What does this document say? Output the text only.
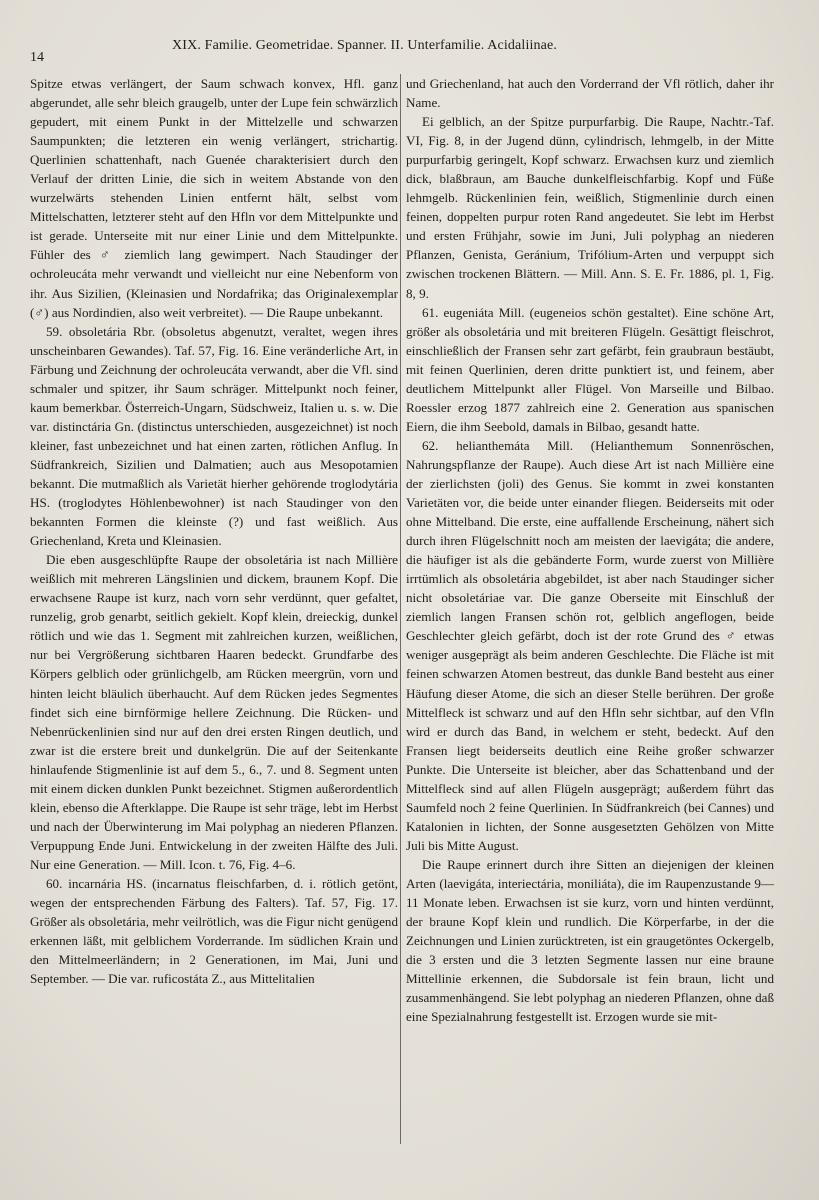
14
XIX. Familie. Geometridae. Spanner. II. Unterfamilie. Acidaliinae.

Spitze etwas verlängert, der Saum schwach konvex, Hfl. ganz abgerundet, alle sehr bleich graugelb, unter der Lupe fein schwärzlich gepudert, mit einem Punkt in der Mittelzelle und schwarzen Saumpunkten; die letzteren ein wenig verlängert, strichartig. Querlinien schattenhaft, nach Guenée charakterisiert durch den Verlauf der dritten Linie, die sich in weitem Abstande von den wurzelwärts stehenden Linien entfernt hält, selbst vom Mittelschatten, letzterer steht auf den Hfln vor dem Mittelpunkte und ist gerade. Unterseite mit nur einer Linie und dem Mittelpunkte. Fühler des ♂ ziemlich lang gewimpert. Nach Staudinger der ochroleucáta mehr verwandt und vielleicht nur eine Nebenform von ihr. Aus Sizilien, (Kleinasien und Nordafrika; das Originalexemplar (♂) aus Nordindien, also weit verbreitet). — Die Raupe unbekannt.

59. obsoletária Rbr. (obsoletus abgenutzt, veraltet, wegen ihres unscheinbaren Gewandes). Taf. 57, Fig. 16. Eine veränderliche Art, in Färbung und Zeichnung der ochroleucáta verwandt, aber die Vfl. sind schmaler und spitzer, ihr Saum schräger. Mittelpunkt noch feiner, kaum bemerkbar. Österreich-Ungarn, Südschweiz, Italien u. s. w. Die var. distinctária Gn. (distinctus unterschieden, ausgezeichnet) ist noch kleiner, fast unbezeichnet und hat einen zarten, rötlichen Anflug. In Südfrankreich, Sizilien und Dalmatien; auch aus Mesopotamien bekannt. Die mutmaßlich als Varietät hierher gehörende troglodytária HS. (troglodytes Höhlenbewohner) ist nach Staudinger von den bekannten Formen die kleinste (?) und fast weißlich. Aus Griechenland, Kreta und Kleinasien.

Die eben ausgeschlüpfte Raupe der obsoletária ist nach Millière weißlich mit mehreren Längslinien und dickem, braunem Kopf. Die erwachsene Raupe ist kurz, nach vorn sehr verdünnt, quer gefaltet, runzelig, grob genarbt, seitlich gekielt. Kopf klein, dreieckig, dunkel rötlich und wie das 1. Segment mit zahlreichen kurzen, weißlichen, nur bei Vergrößerung sichtbaren Haaren bedeckt. Grundfarbe des Körpers gelblich oder grünlichgelb, am Rücken meergrün, vorn und hinten leicht bläulich überhaucht. Auf dem Rücken jedes Segmentes findet sich eine birnförmige hellere Zeichnung. Die Rücken- und Nebenrückenlinien sind nur auf den drei ersten Ringen deutlich, und zwar ist die erstere breit und dunkelgrün. Die auf der Seitenkante hinlaufende Stigmenlinie ist auf dem 5., 6., 7. und 8. Segment unten mit einem dicken dunklen Punkt bezeichnet. Stigmen außerordentlich klein, ebenso die Afterklappe. Die Raupe ist sehr träge, lebt im Herbst und nach der Überwinterung im Mai polyphag an niederen Pflanzen. Verpuppung Ende Juni. Entwickelung in der zweiten Hälfte des Juli. Nur eine Generation. — Mill. Icon. t. 76, Fig. 4–6.

60. incarnária HS. (incarnatus fleischfarben, d. i. rötlich getönt, wegen der entsprechenden Färbung des Falters). Taf. 57, Fig. 17. Größer als obsoletária, mehr veilrötlich, was die Figur nicht genügend erkennen läßt, mit gelblichem Vorderrande. Im südlichen Krain und den Mittelmeerländern; in 2 Generationen, im Mai, Juni und September. — Die var. ruficostáta Z., aus Mittelitalien

und Griechenland, hat auch den Vorderrand der Vfl rötlich, daher ihr Name.

Ei gelblich, an der Spitze purpurfarbig. Die Raupe, Nachtr.-Taf. VI, Fig. 8, in der Jugend dünn, cylindrisch, lehmgelb, in der Mitte purpurfarbig geringelt, Kopf schwarz. Erwachsen kurz und ziemlich dick, blaßbraun, am Bauche dunkelfleischfarbig. Kopf und Füße lehmgelb. Rückenlinien fein, weißlich, Stigmenlinie durch einen feinen, doppelten purpur roten Rand angedeutet. Sie lebt im Herbst und ersten Frühjahr, sowie im Juni, Juli polyphag an niederen Pflanzen, Genista, Geránium, Trifólium-Arten und verpuppt sich zwischen trockenen Blättern. — Mill. Ann. S. E. Fr. 1886, pl. 1, Fig. 8, 9.

61. eugeniáta Mill. (eugeneios schön gestaltet). Eine schöne Art, größer als obsoletária und mit breiteren Flügeln. Gesättigt fleischrot, einschließlich der Fransen sehr zart gefärbt, fein graubraun bestäubt, mit feinen Querlinien, deren dritte punktiert ist, und feinem, aber deutlichem Mittelpunkt aller Flügel. Von Marseille und Bilbao. Roessler erzog 1877 zahlreich eine 2. Generation aus spanischen Eiern, die ihm Seebold, damals in Bilbao, gesandt hatte.

62. helianthemáta Mill. (Helianthemum Sonnenröschen, Nahrungspflanze der Raupe). Auch diese Art ist nach Millière eine der zierlichsten (joli) des Genus. Sie kommt in zwei konstanten Varietäten vor, die beide unter einander fliegen. Beiderseits mit oder ohne Mittelband. Die erste, eine auffallende Erscheinung, nähert sich durch ihren Flügelschnitt noch am meisten der laevigáta; die andere, die häufiger ist als die gebänderte Form, wurde zuerst von Millière irrtümlich als obsoletária abgebildet, ist aber nach Staudinger sicher nicht obsoletáriae var. Die ganze Oberseite mit Einschluß der ziemlich langen Fransen schön rot, gelblich angeflogen, beide Geschlechter gleich gefärbt, doch ist der rote Grund des ♂ etwas weniger ausgeprägt als beim anderen Geschlechte. Die Fläche ist mit feinen schwarzen Atomen bestreut, das dunkle Band besteht aus einer Häufung dieser Atome, die sich an dieser Stelle berühren. Der große Mittelfleck ist schwarz und auf den Hfln sehr sichtbar, auf den Vfln wird er durch das Band, in welchem er steht, bedeckt. Auf den Fransen liegt beiderseits deutlich eine Reihe großer schwarzer Punkte. Die Unterseite ist bleicher, aber das Schattenband und der Mittelfleck sind auf allen Flügeln ausgeprägt; außerdem führt das Saumfeld noch 2 feine Querlinien. In Südfrankreich (bei Cannes) und Katalonien in lichten, der Sonne ausgesetzten Gehölzen von Mitte Juli bis Mitte August.

Die Raupe erinnert durch ihre Sitten an diejenigen der kleinen Arten (laevigáta, interiectária, moniliáta), die im Raupenzustande 9—11 Monate leben. Erwachsen ist sie kurz, vorn und hinten verdünnt, der braune Kopf klein und rundlich. Die Körperfarbe, in der die Zeichnungen und Linien zurücktreten, ist ein graugetöntes Ockergelb, die 3 ersten und die 3 letzten Segmente lassen nur eine braune Mittellinie erkennen, die Subdorsale ist fein braun, licht und zusammenhängend. Sie lebt polyphag an niederen Pflanzen, ohne daß eine Spezialnahrung festgestellt ist. Erzogen wurde sie mit-
